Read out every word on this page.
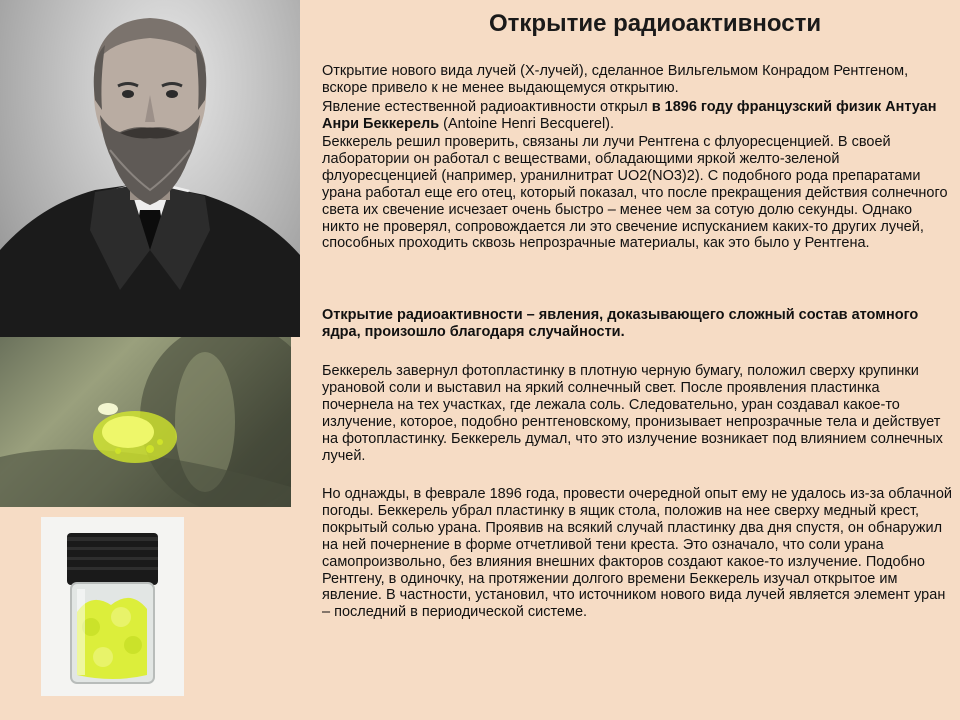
Открытие радиоактивности

Открытие нового вида лучей (Х-лучей), сделанное Вильгельмом Конрадом Рентгеном, вскоре привело к не менее выдающемуся открытию.

Явление естественной радиоактивности открыл в 1896 году французский физик Антуан Анри Беккерель (Antoine Henri Becquerel).

Беккерель решил проверить, связаны ли лучи Рентгена с флуоресценцией. В своей лаборатории он работал с веществами, обладающими яркой желто-зеленой флуоресценцией (например, уранилнитрат UO2(NO3)2). С подобного рода препаратами урана работал еще его отец, который показал, что после прекращения действия солнечного света их свечение исчезает очень быстро – менее чем за сотую долю секунды. Однако никто не проверял, сопровождается ли это свечение испусканием каких-то других лучей, способных проходить сквозь непрозрачные материалы, как это было у Рентгена.

Открытие радиоактивности – явления, доказывающего сложный состав атомного ядра, произошло благодаря случайности.

Беккерель завернул фотопластинку в плотную черную бумагу, положил сверху крупинки урановой соли и выставил на яркий солнечный свет. После проявления пластинка почернела на тех участках, где лежала соль. Следовательно, уран создавал какое-то излучение, которое, подобно рентгеновскому, пронизывает непрозрачные тела и действует на фотопластинку. Беккерель думал, что это излучение возникает под влиянием солнечных лучей.

Но однажды, в феврале 1896 года, провести очередной опыт ему не удалось из-за облачной погоды. Беккерель убрал пластинку в ящик стола, положив на нее сверху медный крест, покрытый солью урана. Проявив на всякий случай пластинку два дня спустя, он обнаружил на ней почернение в форме отчетливой тени креста. Это означало, что соли урана самопроизвольно, без влияния внешних факторов создают какое-то излучение. Подобно Рентгену, в одиночку, на протяжении долгого времени Беккерель изучал открытое им явление. В частности, установил, что источником нового вида лучей является элемент уран – последний в периодической системе.
